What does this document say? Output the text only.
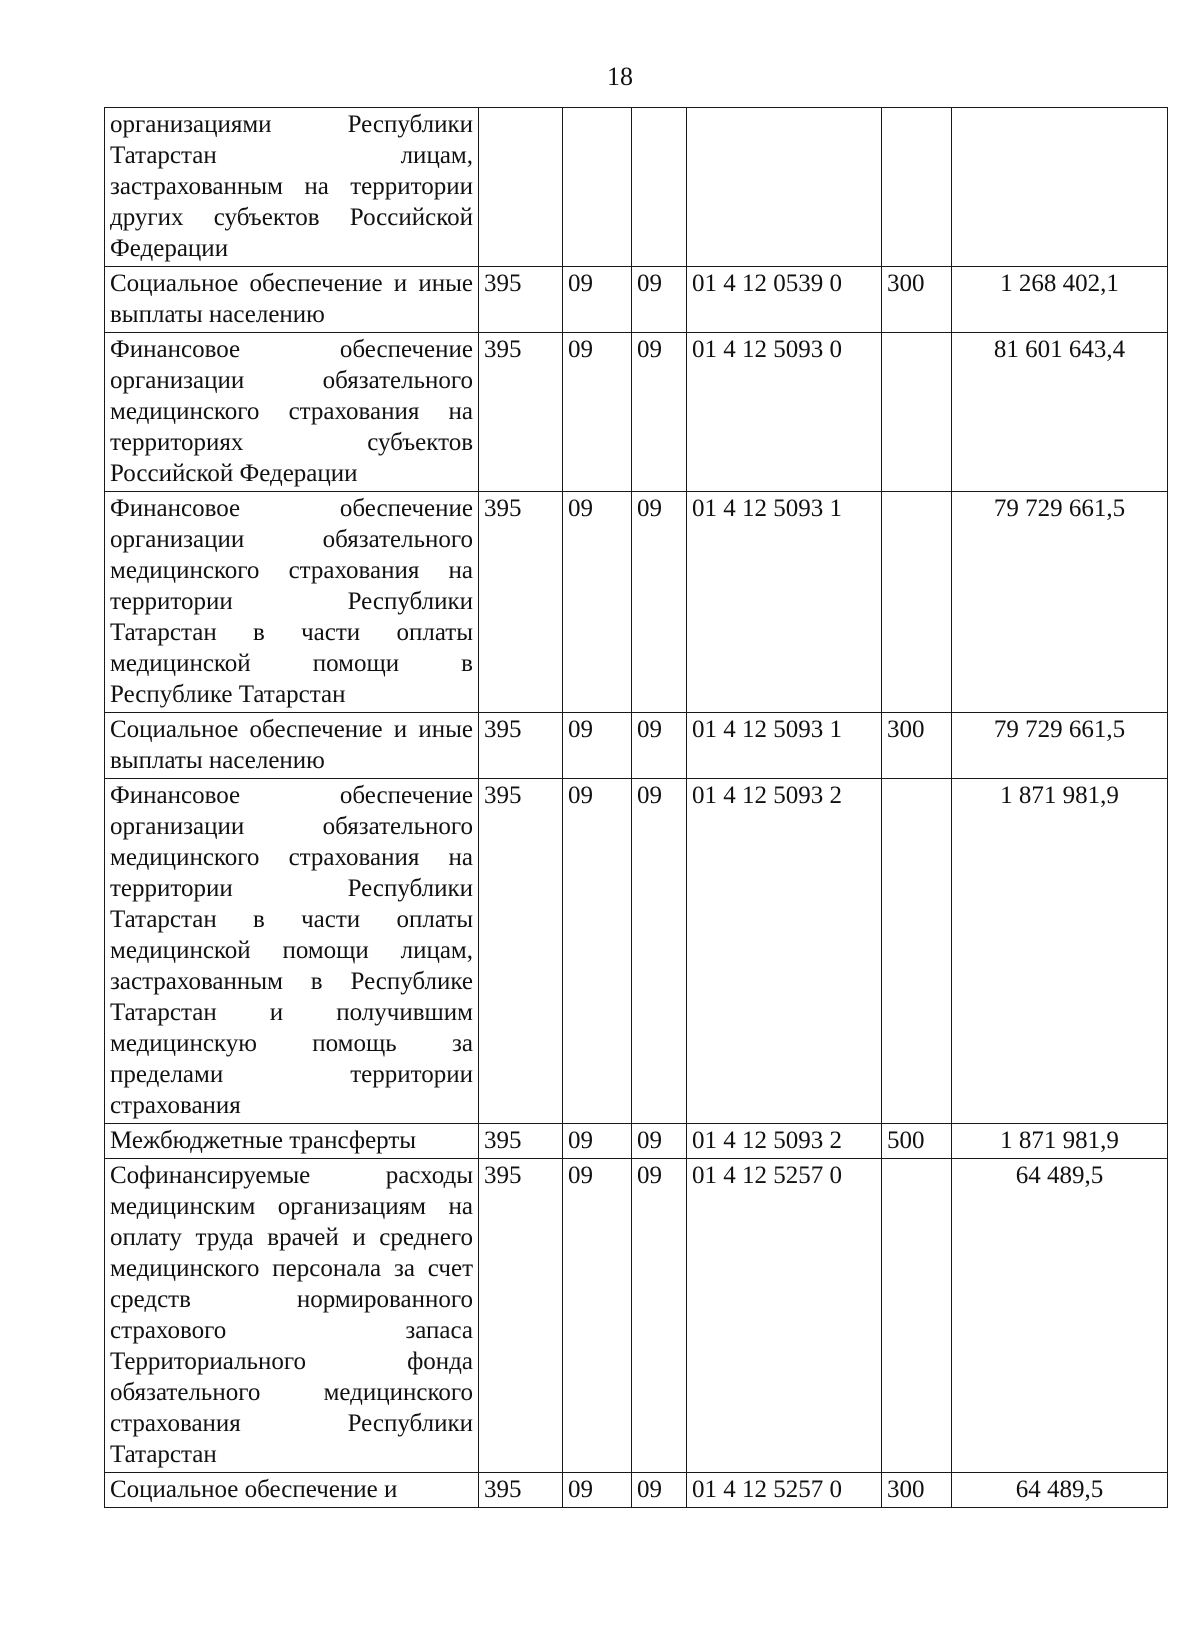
18
организациями Республики Татарстан лицам, застрахованным на территории других субъектов Российской Федерации						
Социальное обеспечение и иные выплаты населению	395	09	09	01 4 12 0539 0	300	1 268 402,1
Финансовое обеспечение организации обязательного медицинского страхования на территориях субъектов Российской Федерации	395	09	09	01 4 12 5093 0		81 601 643,4
Финансовое обеспечение организации обязательного медицинского страхования на территории Республики Татарстан в части оплаты медицинской помощи в Республике Татарстан	395	09	09	01 4 12 5093 1		79 729 661,5
Социальное обеспечение и иные выплаты населению	395	09	09	01 4 12 5093 1	300	79 729 661,5
Финансовое обеспечение организации обязательного медицинского страхования на территории Республики Татарстан в части оплаты медицинской помощи лицам, застрахованным в Республике Татарстан и получившим медицинскую помощь за пределами территории страхования	395	09	09	01 4 12 5093 2		1 871 981,9
Межбюджетные трансферты	395	09	09	01 4 12 5093 2	500	1 871 981,9
Софинансируемые расходы медицинским организациям на оплату труда врачей и среднего медицинского персонала за счет средств нормированного страхового запаса Территориального фонда обязательного медицинского страхования Республики Татарстан	395	09	09	01 4 12 5257 0		64 489,5
Социальное обеспечение и	395	09	09	01 4 12 5257 0	300	64 489,5
